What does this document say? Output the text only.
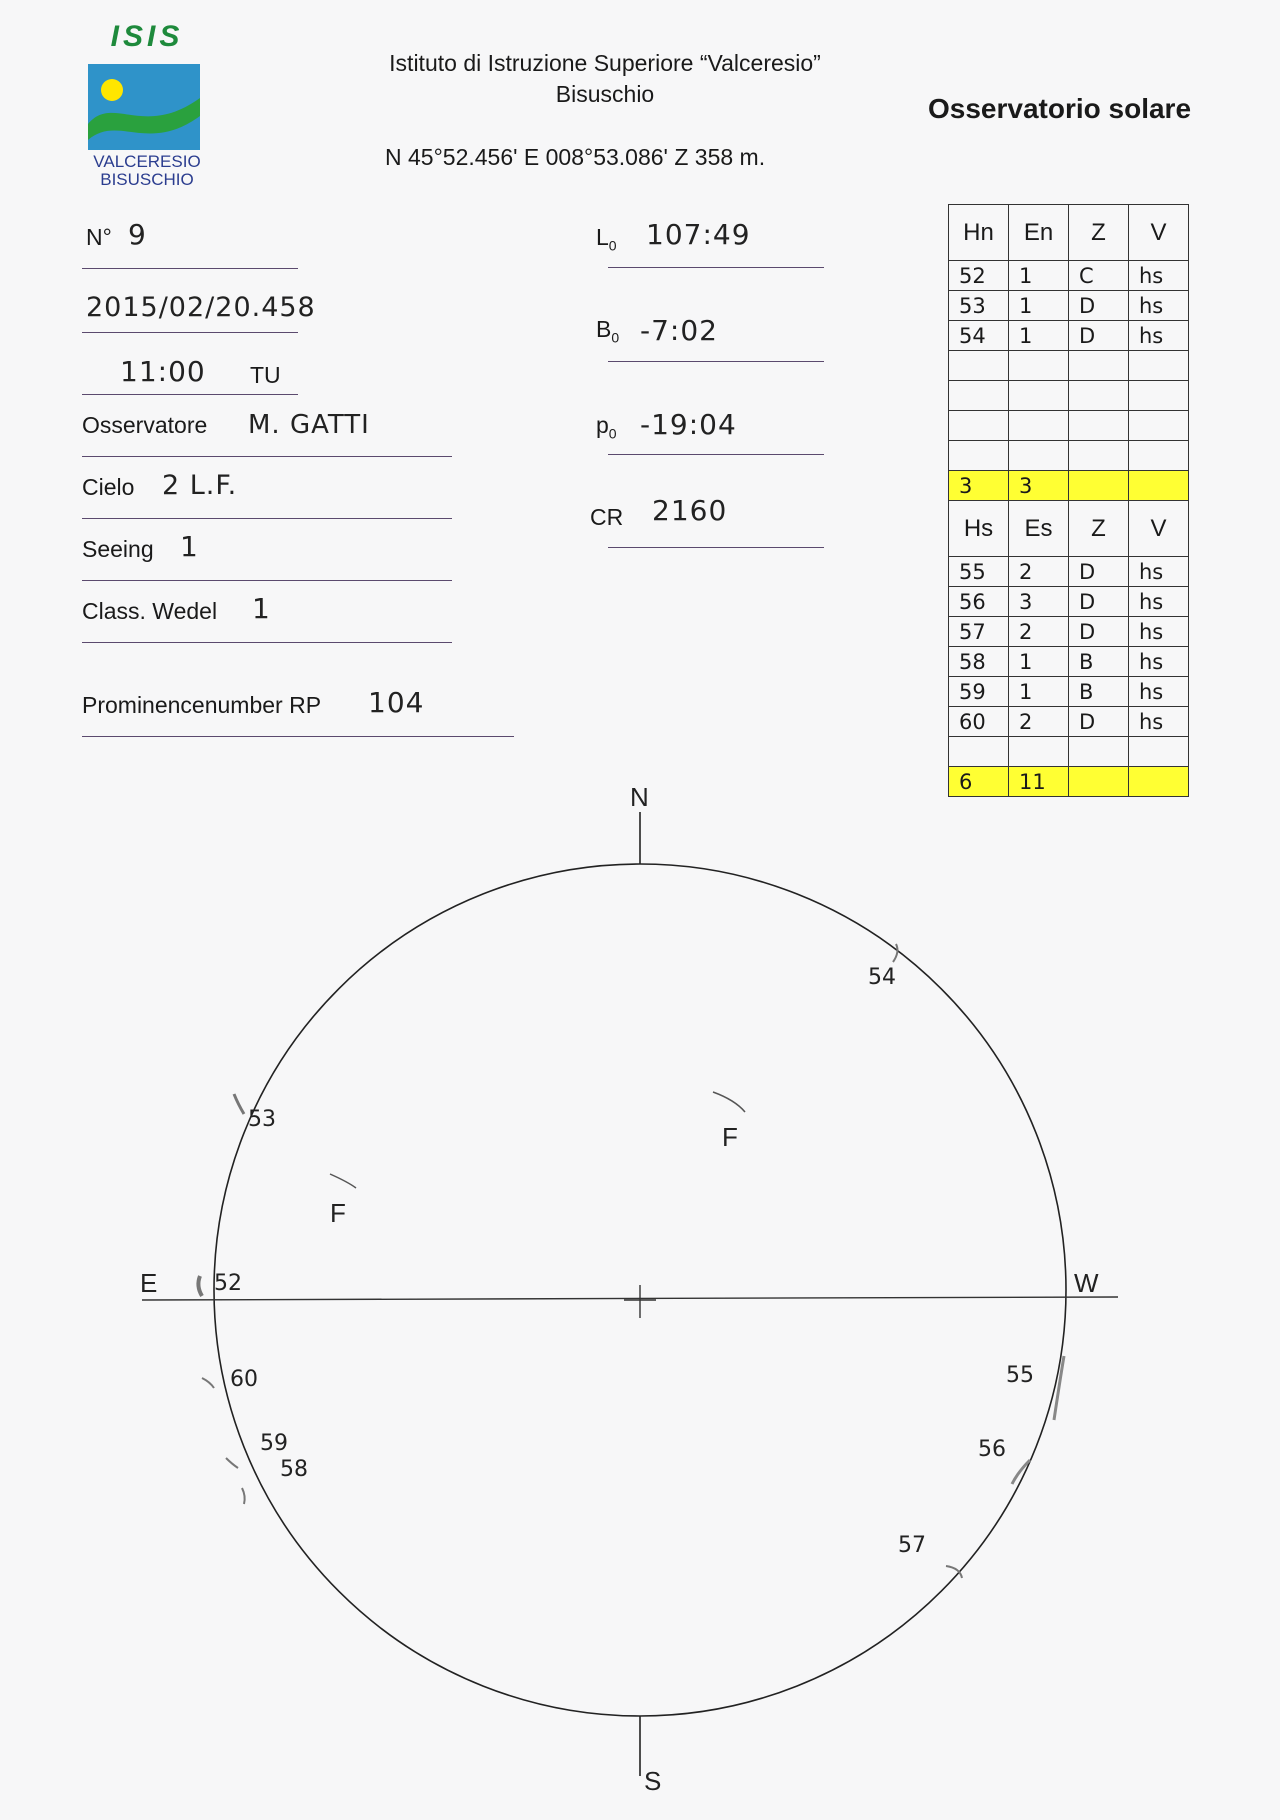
ISIS
VALCERESIO
BISUSCHIO
Istituto di Istruzione Superiore “Valceresio”
Bisuschio
N 45°52.456' E 008°53.086' Z 358 m.
Osservatorio solare
N° 9
2015/02/20.458
11:00 TU
Osservatore M. GATTI
Cielo 2 L.F.
Seeing 1
Class. Wedel 1
Prominencenumber RP 104
$L_0$ 107:49
$B_0$ -7:02
$p_0$ -19:04
CR 2160
Hn	En	Z	V
52	1	C	hs
53	1	D	hs
54	1	D	hs

3	3		
Hs	Es	Z	V
55	2	D	hs
56	3	D	hs
57	2	D	hs
58	1	B	hs
59	1	B	hs
60	2	D	hs

6	11		
N
S
E	W
54
53
52
60
59
58
55
56
57
F
F
